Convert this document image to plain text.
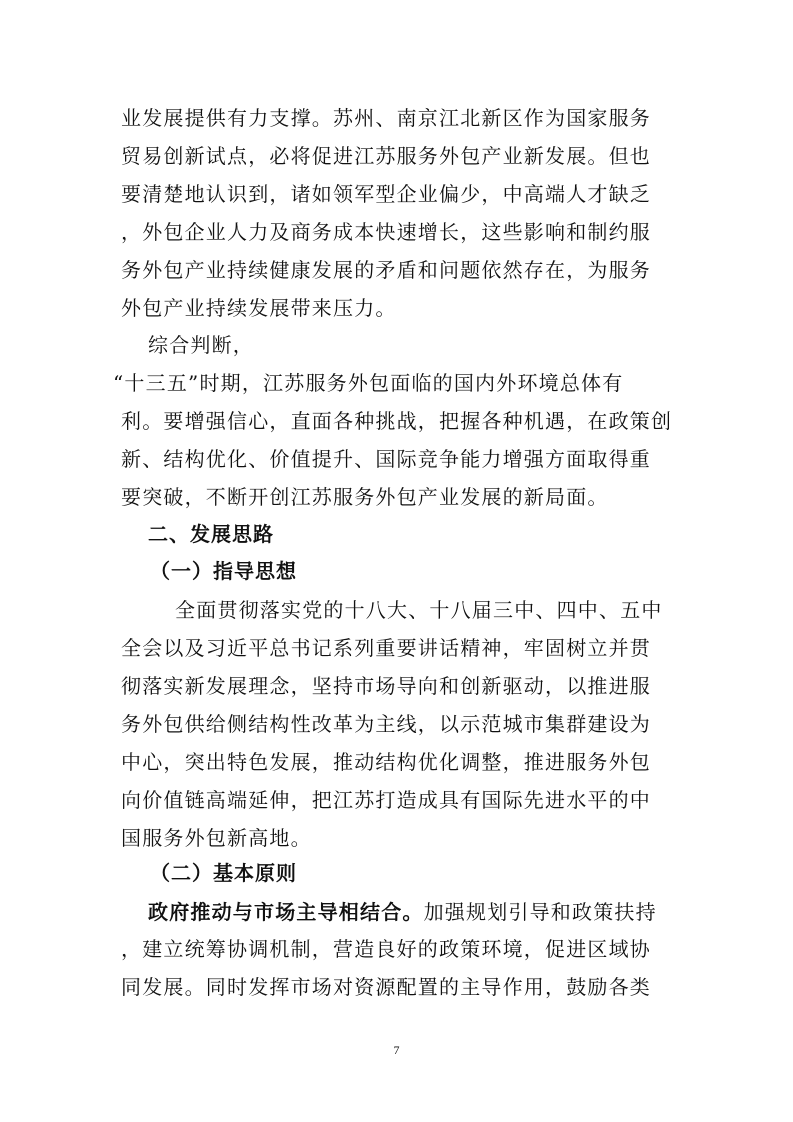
业发展提供有力支撑。苏州、南京江北新区作为国家服务
贸易创新试点，必将促进江苏服务外包产业新发展。但也
要清楚地认识到，诸如领军型企业偏少，中高端人才缺乏
，外包企业人力及商务成本快速增长，这些影响和制约服
务外包产业持续健康发展的矛盾和问题依然存在，为服务
外包产业持续发展带来压力。
综合判断，
“十三五”时期，江苏服务外包面临的国内外环境总体有
利。要增强信心，直面各种挑战，把握各种机遇，在政策创
新、结构优化、价值提升、国际竞争能力增强方面取得重
要突破，不断开创江苏服务外包产业发展的新局面。
二、发展思路
（一）指导思想
全面贯彻落实党的十八大、十八届三中、四中、五中
全会以及习近平总书记系列重要讲话精神，牢固树立并贯
彻落实新发展理念，坚持市场导向和创新驱动，以推进服
务外包供给侧结构性改革为主线，以示范城市集群建设为
中心，突出特色发展，推动结构优化调整，推进服务外包
向价值链高端延伸，把江苏打造成具有国际先进水平的中
国服务外包新高地。
（二）基本原则
政府推动与市场主导相结合。加强规划引导和政策扶持
，建立统筹协调机制，营造良好的政策环境，促进区域协
同发展。同时发挥市场对资源配置的主导作用，鼓励各类
7
